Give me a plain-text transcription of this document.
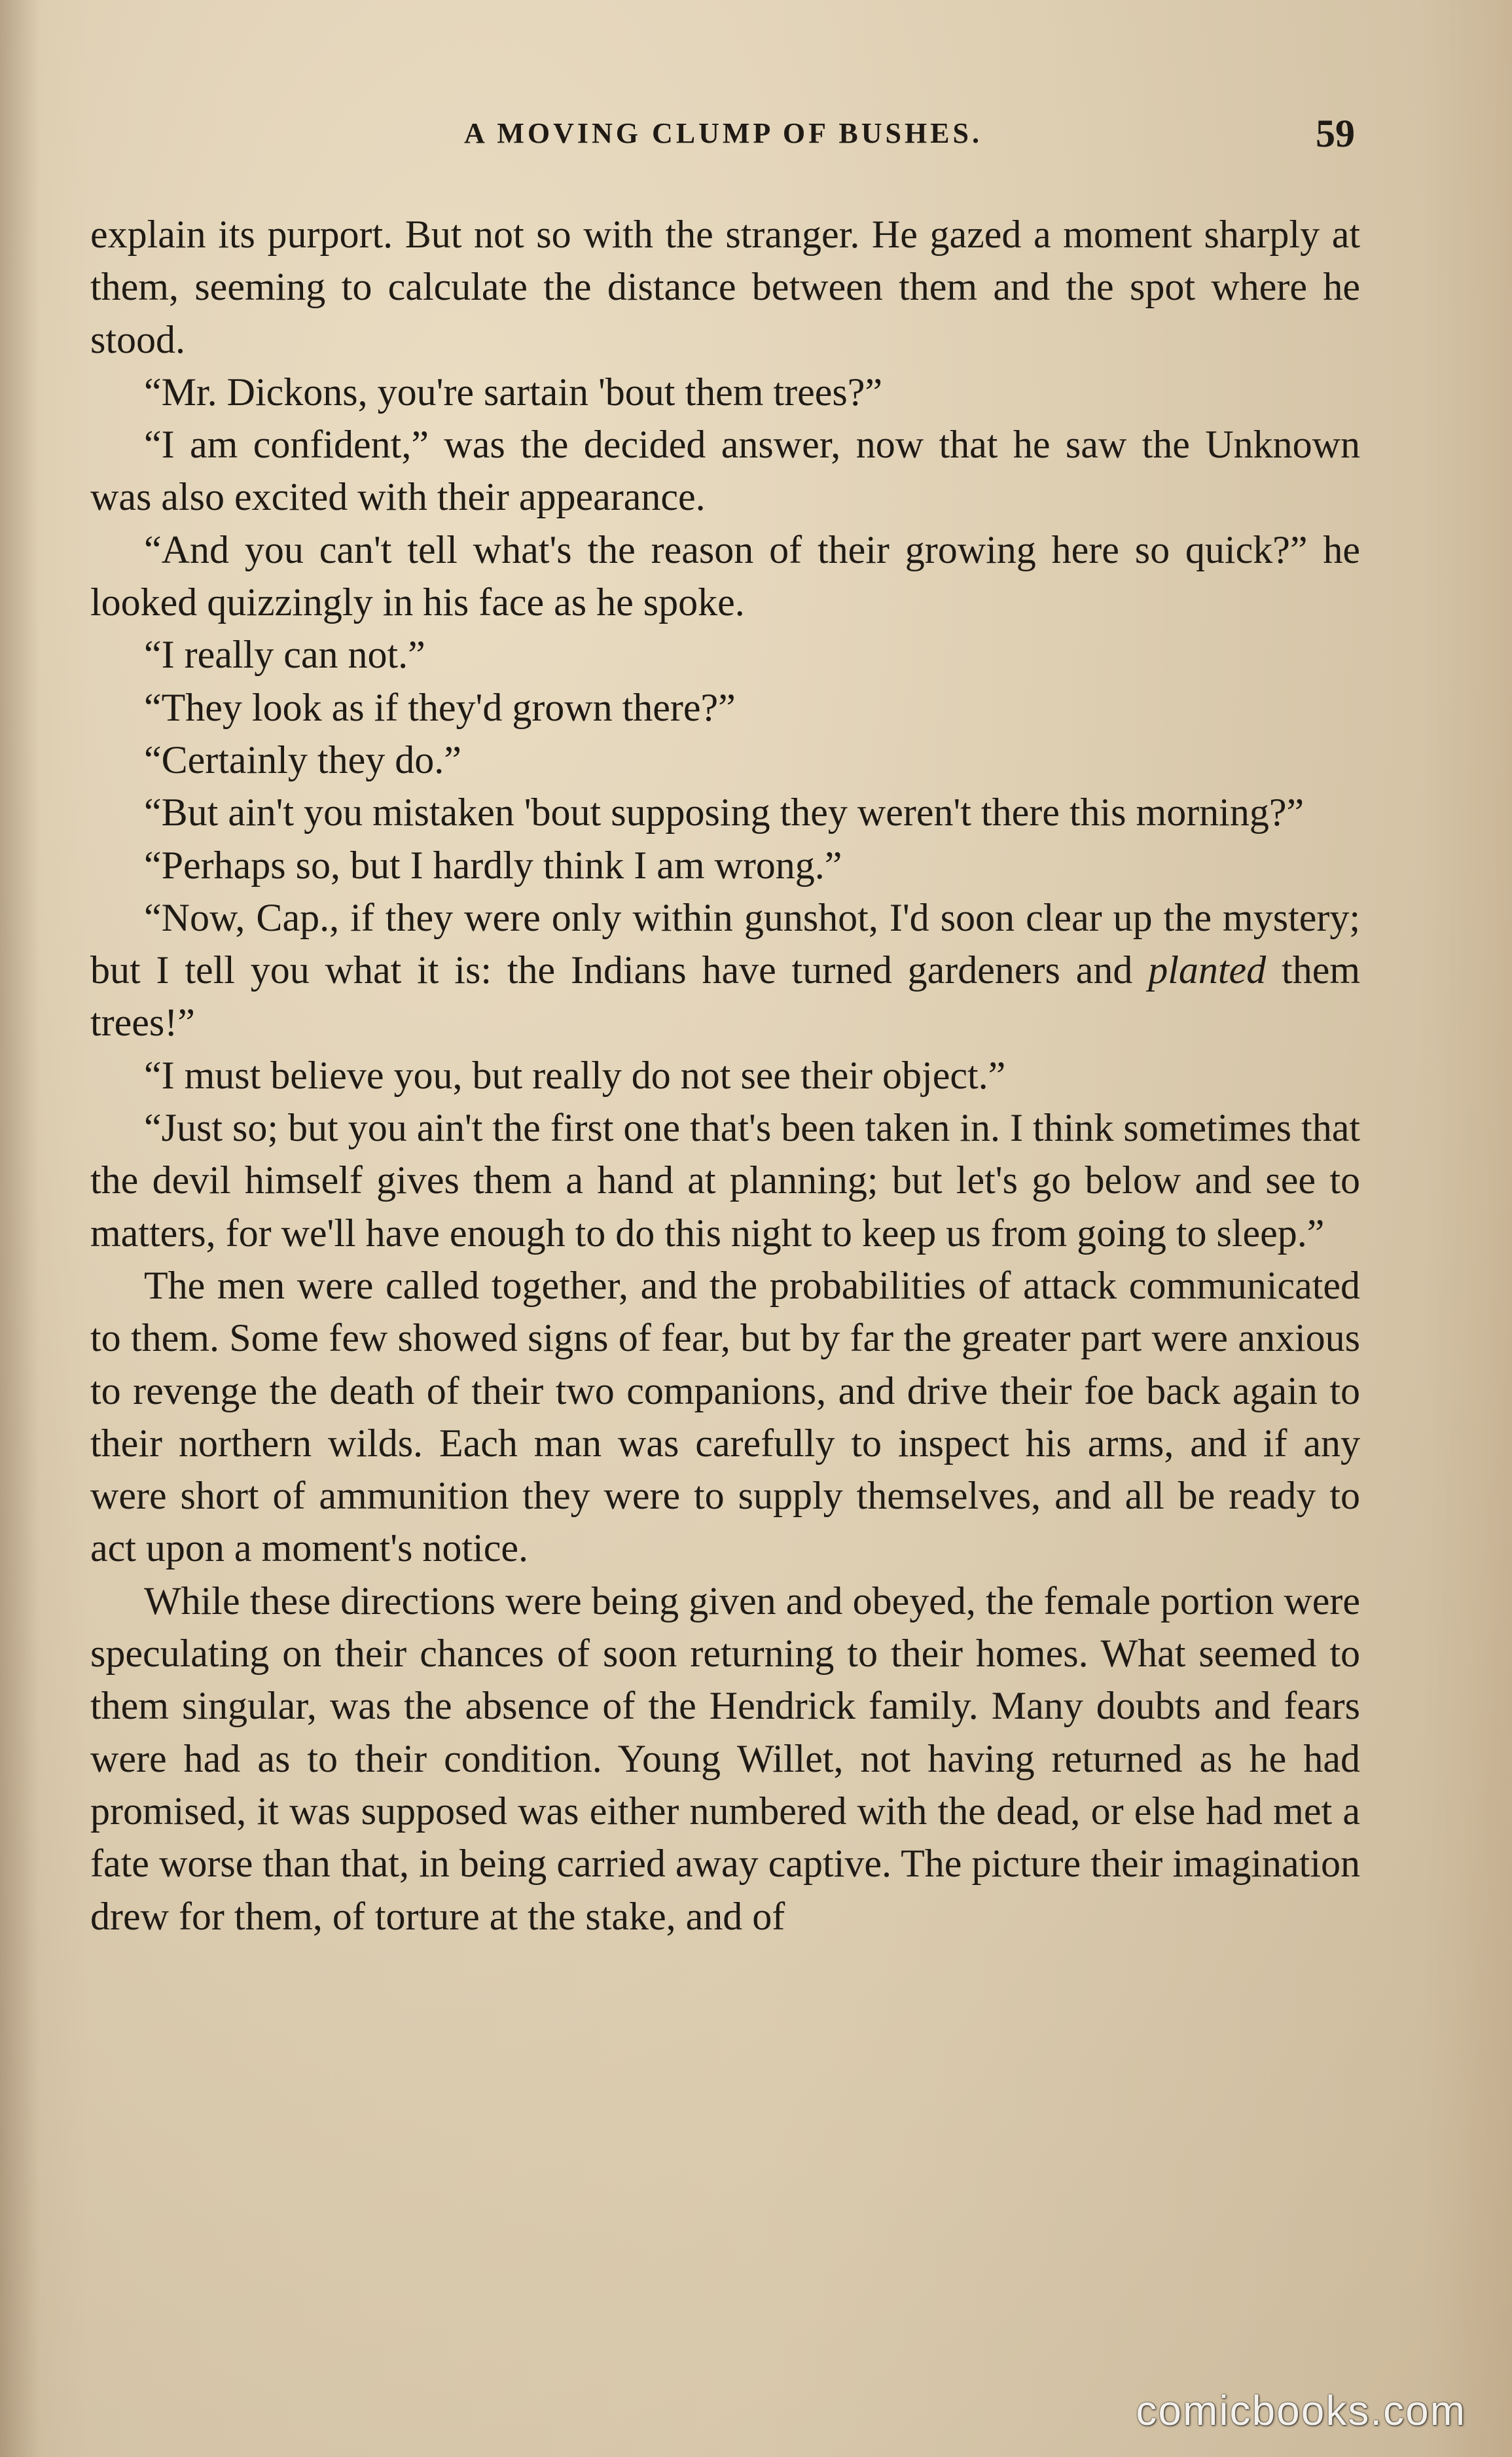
A MOVING CLUMP OF BUSHES.	59

explain its purport. But not so with the stranger. He gazed a moment sharply at them, seeming to calculate the distance between them and the spot where he stood.

“Mr. Dickons, you're sartain 'bout them trees?”

“I am confident,” was the decided answer, now that he saw the Unknown was also excited with their appearance.

“And you can't tell what's the reason of their growing here so quick?” he looked quizzingly in his face as he spoke.

“I really can not.”

“They look as if they'd grown there?”

“Certainly they do.”

“But ain't you mistaken 'bout supposing they weren't there this morning?”

“Perhaps so, but I hardly think I am wrong.”

“Now, Cap., if they were only within gunshot, I'd soon clear up the mystery; but I tell you what it is: the Indians have turned gardeners and planted them trees!”

“I must believe you, but really do not see their object.”

“Just so; but you ain't the first one that's been taken in. I think sometimes that the devil himself gives them a hand at planning; but let's go below and see to matters, for we'll have enough to do this night to keep us from going to sleep.”

The men were called together, and the probabilities of attack communicated to them. Some few showed signs of fear, but by far the greater part were anxious to revenge the death of their two companions, and drive their foe back again to their northern wilds. Each man was carefully to inspect his arms, and if any were short of ammunition they were to supply themselves, and all be ready to act upon a moment's notice.

While these directions were being given and obeyed, the female portion were speculating on their chances of soon returning to their homes. What seemed to them singular, was the absence of the Hendrick family. Many doubts and fears were had as to their condition. Young Willet, not having returned as he had promised, it was supposed was either numbered with the dead, or else had met a fate worse than that, in being carried away captive. The picture their imagination drew for them, of torture at the stake, and of

comicbooks.com
